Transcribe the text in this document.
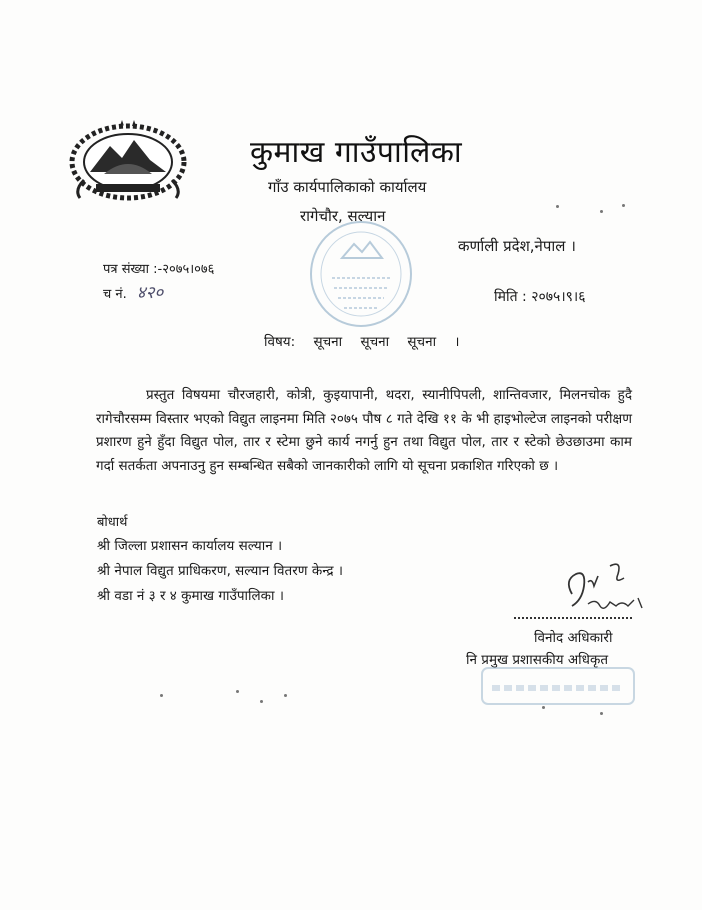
कुमाख गाउँपालिका
गाँउ कार्यपालिकाको कार्यालय
रागेचौर, सल्यान
कर्णाली प्रदेश,नेपाल ।
पत्र संख्या :-२०७५।०७६
च नं. ४२०	मिति : २०७५।९।६
विषय: सूचना सूचना सूचना ।

प्रस्तुत विषयमा चौरजहारी, कोत्री, कुइयापानी, थदरा, स्यानीपिपली, शान्तिवजार, मिलनचोक हुदै रागेचौरसम्म विस्तार भएको विद्युत लाइनमा मिति २०७५ पौष ८ गते देखि ११ के भी हाइभोल्टेज लाइनको परीक्षण प्रशारण हुने हुँदा विद्युत पोल, तार र स्टेमा छुने कार्य नगर्नु हुन तथा विद्युत पोल, तार र स्टेको छेउछाउमा काम गर्दा सतर्कता अपनाउनु हुन सम्बन्धित सबैको जानकारीको लागि यो सूचना प्रकाशित गरिएको छ ।

बोधार्थ
श्री जिल्ला प्रशासन कार्यालय सल्यान ।
श्री नेपाल विद्युत प्राधिकरण, सल्यान वितरण केन्द्र ।
श्री वडा नं ३ र ४ कुमाख गाउँपालिका ।
विनोद अधिकारी
नि प्रमुख प्रशासकीय अधिकृत
